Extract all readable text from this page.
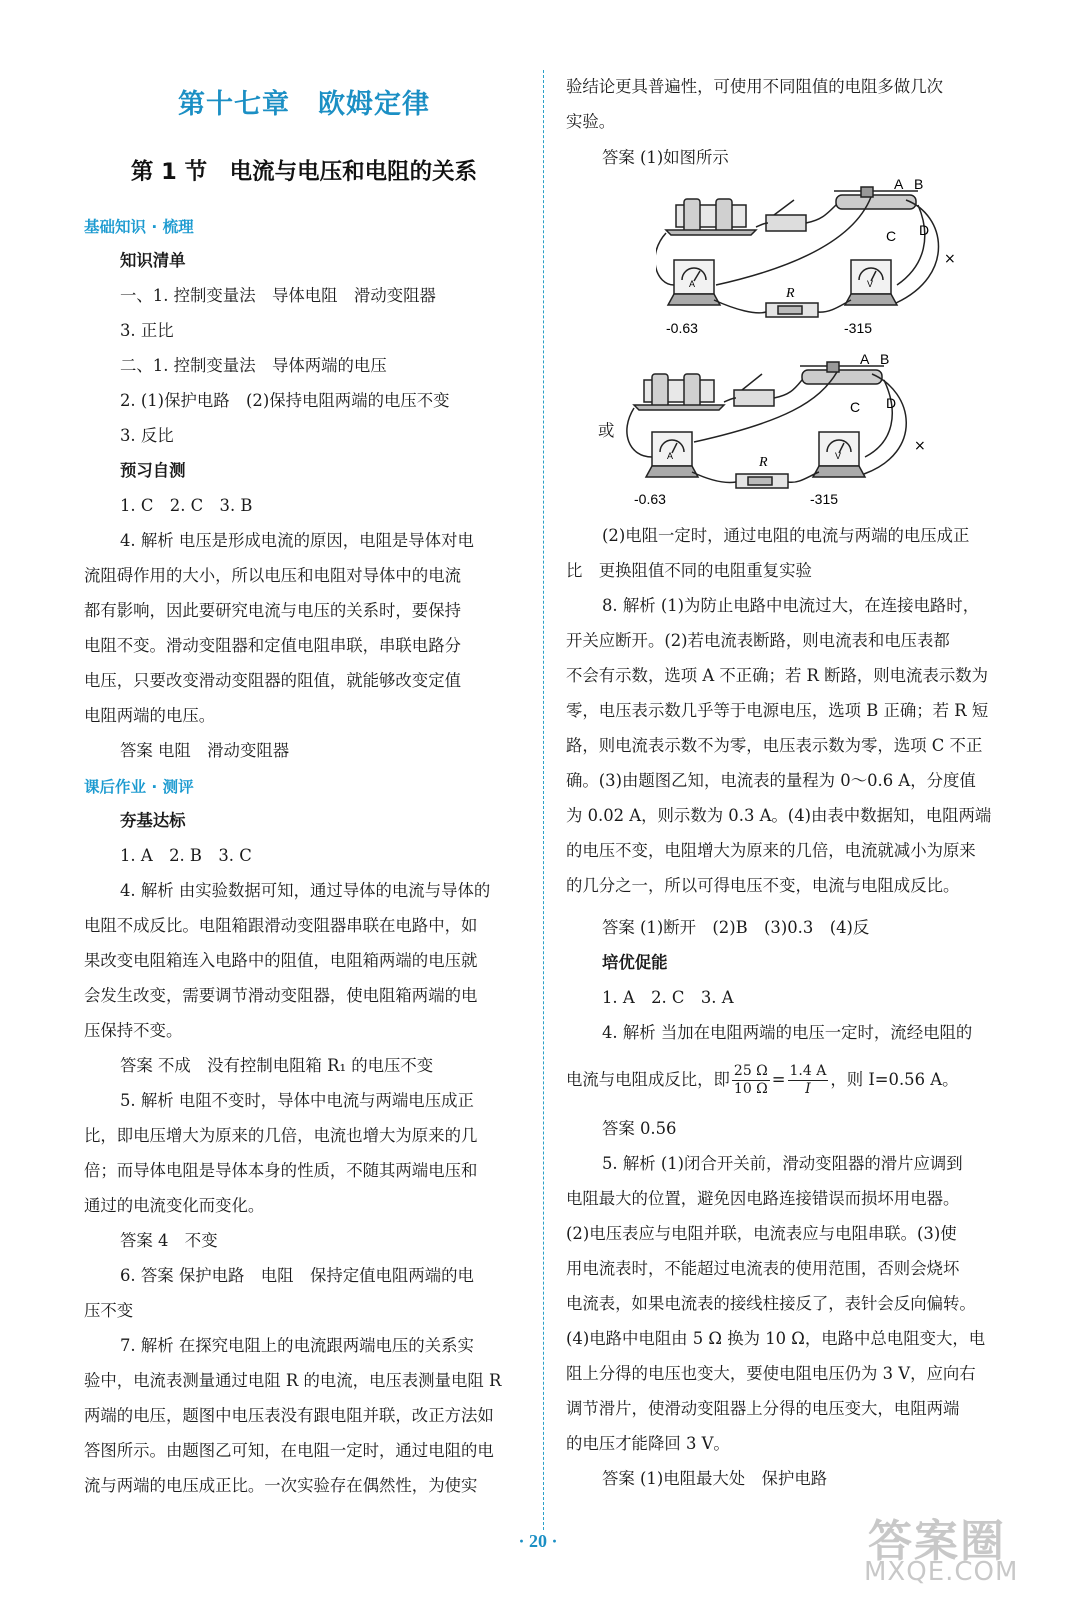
第十七章　欧姆定律
第 1 节　电流与电压和电阻的关系
基础知识 · 梳理
知识清单
一、1. 控制变量法　导体电阻　滑动变阻器
3. 正比
二、1. 控制变量法　导体两端的电压
2. (1)保护电路　(2)保持电阻两端的电压不变
3. 反比
预习自测
1. C　2. C　3. B
4. 解析 电压是形成电流的原因，电阻是导体对电
流阻碍作用的大小，所以电压和电阻对导体中的电流
都有影响，因此要研究电流与电压的关系时，要保持
电阻不变。滑动变阻器和定值电阻串联，串联电路分
电压，只要改变滑动变阻器的阻值，就能够改变定值
电阻两端的电压。
答案 电阻　滑动变阻器
课后作业 · 测评
夯基达标
1. A　2. B　3. C
4. 解析 由实验数据可知，通过导体的电流与导体的
电阻不成反比。电阻箱跟滑动变阻器串联在电路中，如
果改变电阻箱连入电路中的阻值，电阻箱两端的电压就
会发生改变，需要调节滑动变阻器，使电阻箱两端的电
压保持不变。
答案 不成　没有控制电阻箱 R₁ 的电压不变
5. 解析 电阻不变时，导体中电流与两端电压成正
比，即电压增大为原来的几倍，电流也增大为原来的几
倍；而导体电阻是导体本身的性质，不随其两端电压和
通过的电流变化而变化。
答案 4　不变
6. 答案 保护电路　电阻　保持定值电阻两端的电
压不变
7. 解析 在探究电阻上的电流跟两端电压的关系实
验中，电流表测量通过电阻 R 的电流，电压表测量电阻 R
两端的电压，题图中电压表没有跟电阻并联，改正方法如
答图所示。由题图乙可知，在电阻一定时，通过电阻的电
流与两端的电压成正比。一次实验存在偶然性，为使实
验结论更具普遍性，可使用不同阻值的电阻多做几次
实验。
答案 (1)如图所示
(2)电阻一定时，通过电阻的电流与两端的电压成正
比　更换阻值不同的电阻重复实验
8. 解析 (1)为防止电路中电流过大，在连接电路时，
开关应断开。(2)若电流表断路，则电流表和电压表都
不会有示数，选项 A 不正确；若 R 断路，则电流表示数为
零，电压表示数几乎等于电源电压，选项 B 正确；若 R 短
路，则电流表示数不为零，电压表示数为零，选项 C 不正
确。(3)由题图乙知，电流表的量程为 0～0.6 A，分度值
为 0.02 A，则示数为 0.3 A。(4)由表中数据知，电阻两端
的电压不变，电阻增大为原来的几倍，电流就减小为原来
的几分之一，所以可得电压不变，电流与电阻成反比。
答案 (1)断开　(2)B　(3)0.3　(4)反
培优促能
1. A　2. C　3. A
4. 解析 当加在电阻两端的电压一定时，流经电阻的
A B
C D
R
A	V
-0.63	-315
×
或
A B
C D
R
A	V
-0.63	-315
×
电流与电阻成反比，即 $\frac{25 \Omega}{10 \Omega} = \frac{1.4 A}{I}$ ，则 I=0.56 A。
答案 0.56
5. 解析 (1)闭合开关前，滑动变阻器的滑片应调到
电阻最大的位置，避免因电路连接错误而损坏用电器。
(2)电压表应与电阻并联，电流表应与电阻串联。(3)使
用电流表时，不能超过电流表的使用范围，否则会烧坏
电流表，如果电流表的接线柱接反了，表针会反向偏转。
(4)电路中电阻由 5 Ω 换为 10 Ω，电路中总电阻变大，电
阻上分得的电压也变大，要使电阻电压仍为 3 V，应向右
调节滑片，使滑动变阻器上分得的电压变大，电阻两端
的电压才能降回 3 V。
答案 (1)电阻最大处　保护电路
· 20 ·	答案圈
MXQE.COM
